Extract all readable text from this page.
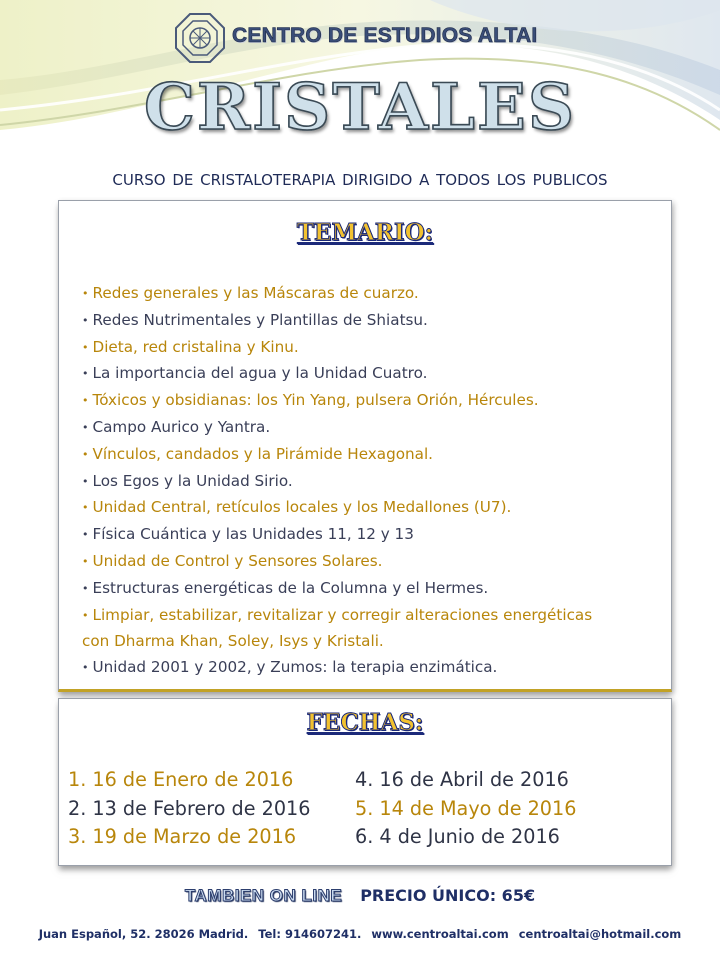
CENTRO DE ESTUDIOS ALTAI
CRISTALES
CURSO DE CRISTALOTERAPIA DIRIGIDO A TODOS LOS PUBLICOS
TEMARIO:
• Redes generales y las Máscaras de cuarzo.
• Redes Nutrimentales y Plantillas de Shiatsu.
• Dieta, red cristalina y Kinu.
• La importancia del agua y la Unidad Cuatro.
• Tóxicos y obsidianas: los Yin Yang, pulsera Orión, Hércules.
• Campo Aurico y Yantra.
• Vínculos, candados y la Pirámide Hexagonal.
• Los Egos y la Unidad Sirio.
• Unidad Central, retículos locales y los Medallones (U7).
• Física Cuántica y las Unidades 11, 12 y 13
• Unidad de Control y Sensores Solares.
• Estructuras energéticas de la Columna y el Hermes.
• Limpiar, estabilizar, revitalizar y corregir alteraciones energéticas
con Dharma Khan, Soley, Isys y Kristali.
• Unidad 2001 y 2002, y Zumos: la terapia enzimática.
FECHAS:
1. 16 de Enero de 2016
2. 13 de Febrero de 2016
3. 19 de Marzo de 2016
4. 16 de Abril de 2016
5. 14 de Mayo de 2016
6. 4 de Junio de 2016
TAMBIEN ON LINE PRECIO ÚNICO: 65€
Juan Español, 52. 28026 Madrid. Tel: 914607241. www.centroaltai.com centroaltai@hotmail.com
